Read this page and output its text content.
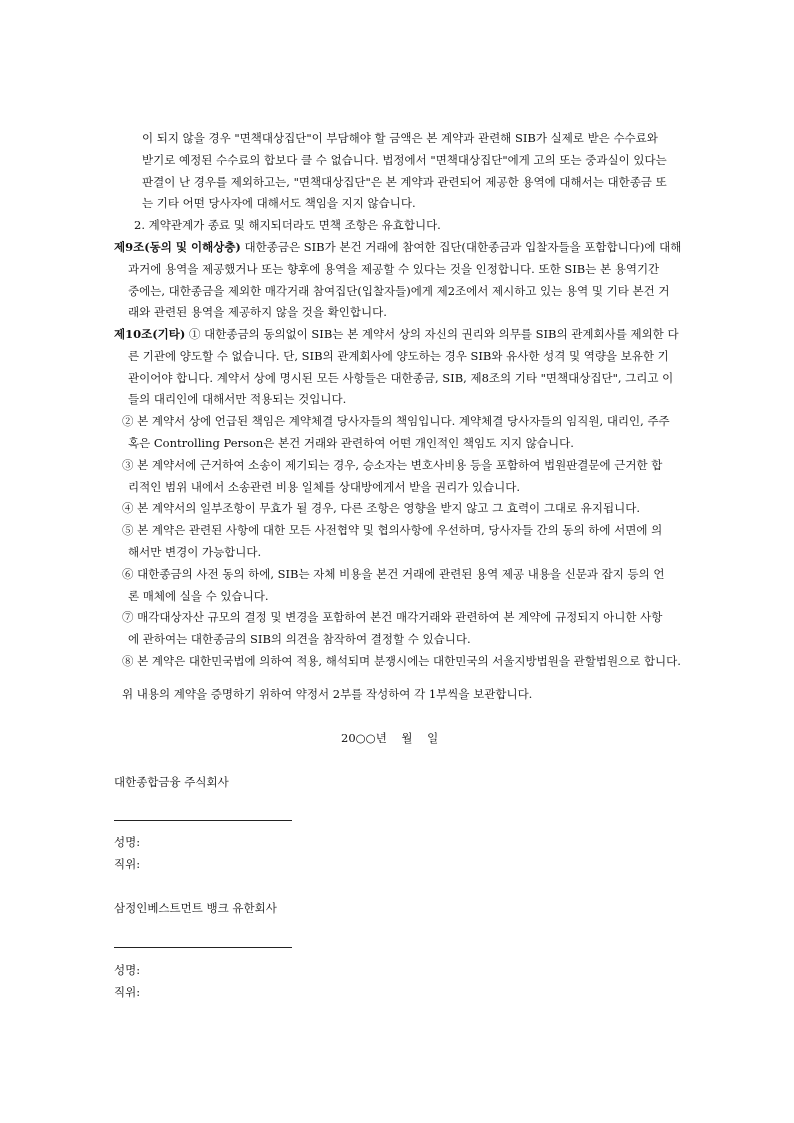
이 되지 않을 경우 "면책대상집단"이 부담해야 할 금액은 본 계약과 관련해 SIB가 실제로 받은 수수료와
받기로 예정된 수수료의 합보다 클 수 없습니다. 법정에서 "면책대상집단"에게 고의 또는 중과실이 있다는
판결이 난 경우를 제외하고는, "면책대상집단"은 본 계약과 관련되어 제공한 용역에 대해서는 대한종금 또
는 기타 어떤 당사자에 대해서도 책임을 지지 않습니다.
2. 계약관계가 종료 및 해지되더라도 면책 조항은 유효합니다.
제9조(동의 및 이해상충) 대한종금은 SIB가 본건 거래에 참여한 집단(대한종금과 입찰자들을 포함합니다)에 대해
과거에 용역을 제공했거나 또는 향후에 용역을 제공할 수 있다는 것을 인정합니다. 또한 SIB는 본 용역기간
중에는, 대한종금을 제외한 매각거래 참여집단(입찰자들)에게 제2조에서 제시하고 있는 용역 및 기타 본건 거
래와 관련된 용역을 제공하지 않을 것을 확인합니다.
제10조(기타) ① 대한종금의 동의없이 SIB는 본 계약서 상의 자신의 권리와 의무를 SIB의 관계회사를 제외한 다
른 기관에 양도할 수 없습니다. 단, SIB의 관계회사에 양도하는 경우 SIB와 유사한 성격 및 역량을 보유한 기
관이어야 합니다. 계약서 상에 명시된 모든 사항들은 대한종금, SIB, 제8조의 기타 "면책대상집단", 그리고 이
들의 대리인에 대해서만 적용되는 것입니다.
② 본 계약서 상에 언급된 책임은 계약체결 당사자들의 책임입니다. 계약체결 당사자들의 임직원, 대리인, 주주
혹은 Controlling Person은 본건 거래와 관련하여 어떤 개인적인 책임도 지지 않습니다.
③ 본 계약서에 근거하여 소송이 제기되는 경우, 승소자는 변호사비용 등을 포함하여 법원판결문에 근거한 합
리적인 범위 내에서 소송관련 비용 일체를 상대방에게서 받을 권리가 있습니다.
④ 본 계약서의 일부조항이 무효가 될 경우, 다른 조항은 영향을 받지 않고 그 효력이 그대로 유지됩니다.
⑤ 본 계약은 관련된 사항에 대한 모든 사전협약 및 협의사항에 우선하며, 당사자들 간의 동의 하에 서면에 의
해서만 변경이 가능합니다.
⑥ 대한종금의 사전 동의 하에, SIB는 자체 비용을 본건 거래에 관련된 용역 제공 내용을 신문과 잡지 등의 언
론 매체에 실을 수 있습니다.
⑦ 매각대상자산 규모의 결정 및 변경을 포함하여 본건 매각거래와 관련하여 본 계약에 규정되지 아니한 사항
에 관하여는 대한종금의 SIB의 의견을 참작하여 결정할 수 있습니다.
⑧ 본 계약은 대한민국법에 의하여 적용, 해석되며 분쟁시에는 대한민국의 서울지방법원을 관할법원으로 합니다.
위 내용의 계약을 증명하기 위하여 약정서 2부를 작성하여 각 1부씩을 보관합니다.
20○○년    월    일
대한종합금융 주식회사
성명:
직위:
삼정인베스트먼트 뱅크 유한회사
성명:
직위:
